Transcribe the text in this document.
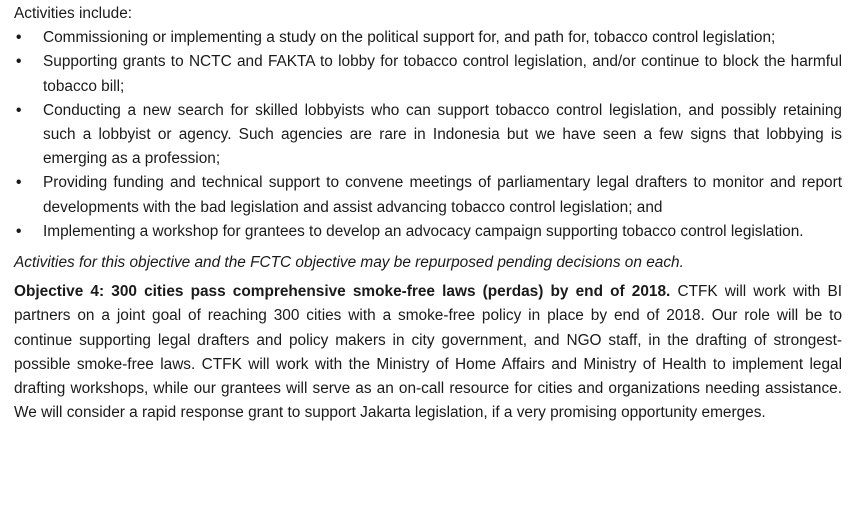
Activities include:

• Commissioning or implementing a study on the political support for, and path for, tobacco control legislation;
• Supporting grants to NCTC and FAKTA to lobby for tobacco control legislation, and/or continue to block the harmful tobacco bill;
• Conducting a new search for skilled lobbyists who can support tobacco control legislation, and possibly retaining such a lobbyist or agency. Such agencies are rare in Indonesia but we have seen a few signs that lobbying is emerging as a profession;
• Providing funding and technical support to convene meetings of parliamentary legal drafters to monitor and report developments with the bad legislation and assist advancing tobacco control legislation; and
• Implementing a workshop for grantees to develop an advocacy campaign supporting tobacco control legislation.

Activities for this objective and the FCTC objective may be repurposed pending decisions on each.

Objective 4: 300 cities pass comprehensive smoke-free laws (perdas) by end of 2018. CTFK will work with BI partners on a joint goal of reaching 300 cities with a smoke-free policy in place by end of 2018. Our role will be to continue supporting legal drafters and policy makers in city government, and NGO staff, in the drafting of strongest-possible smoke-free laws. CTFK will work with the Ministry of Home Affairs and Ministry of Health to implement legal drafting workshops, while our grantees will serve as an on-call resource for cities and organizations needing assistance. We will consider a rapid response grant to support Jakarta legislation, if a very promising opportunity emerges.
